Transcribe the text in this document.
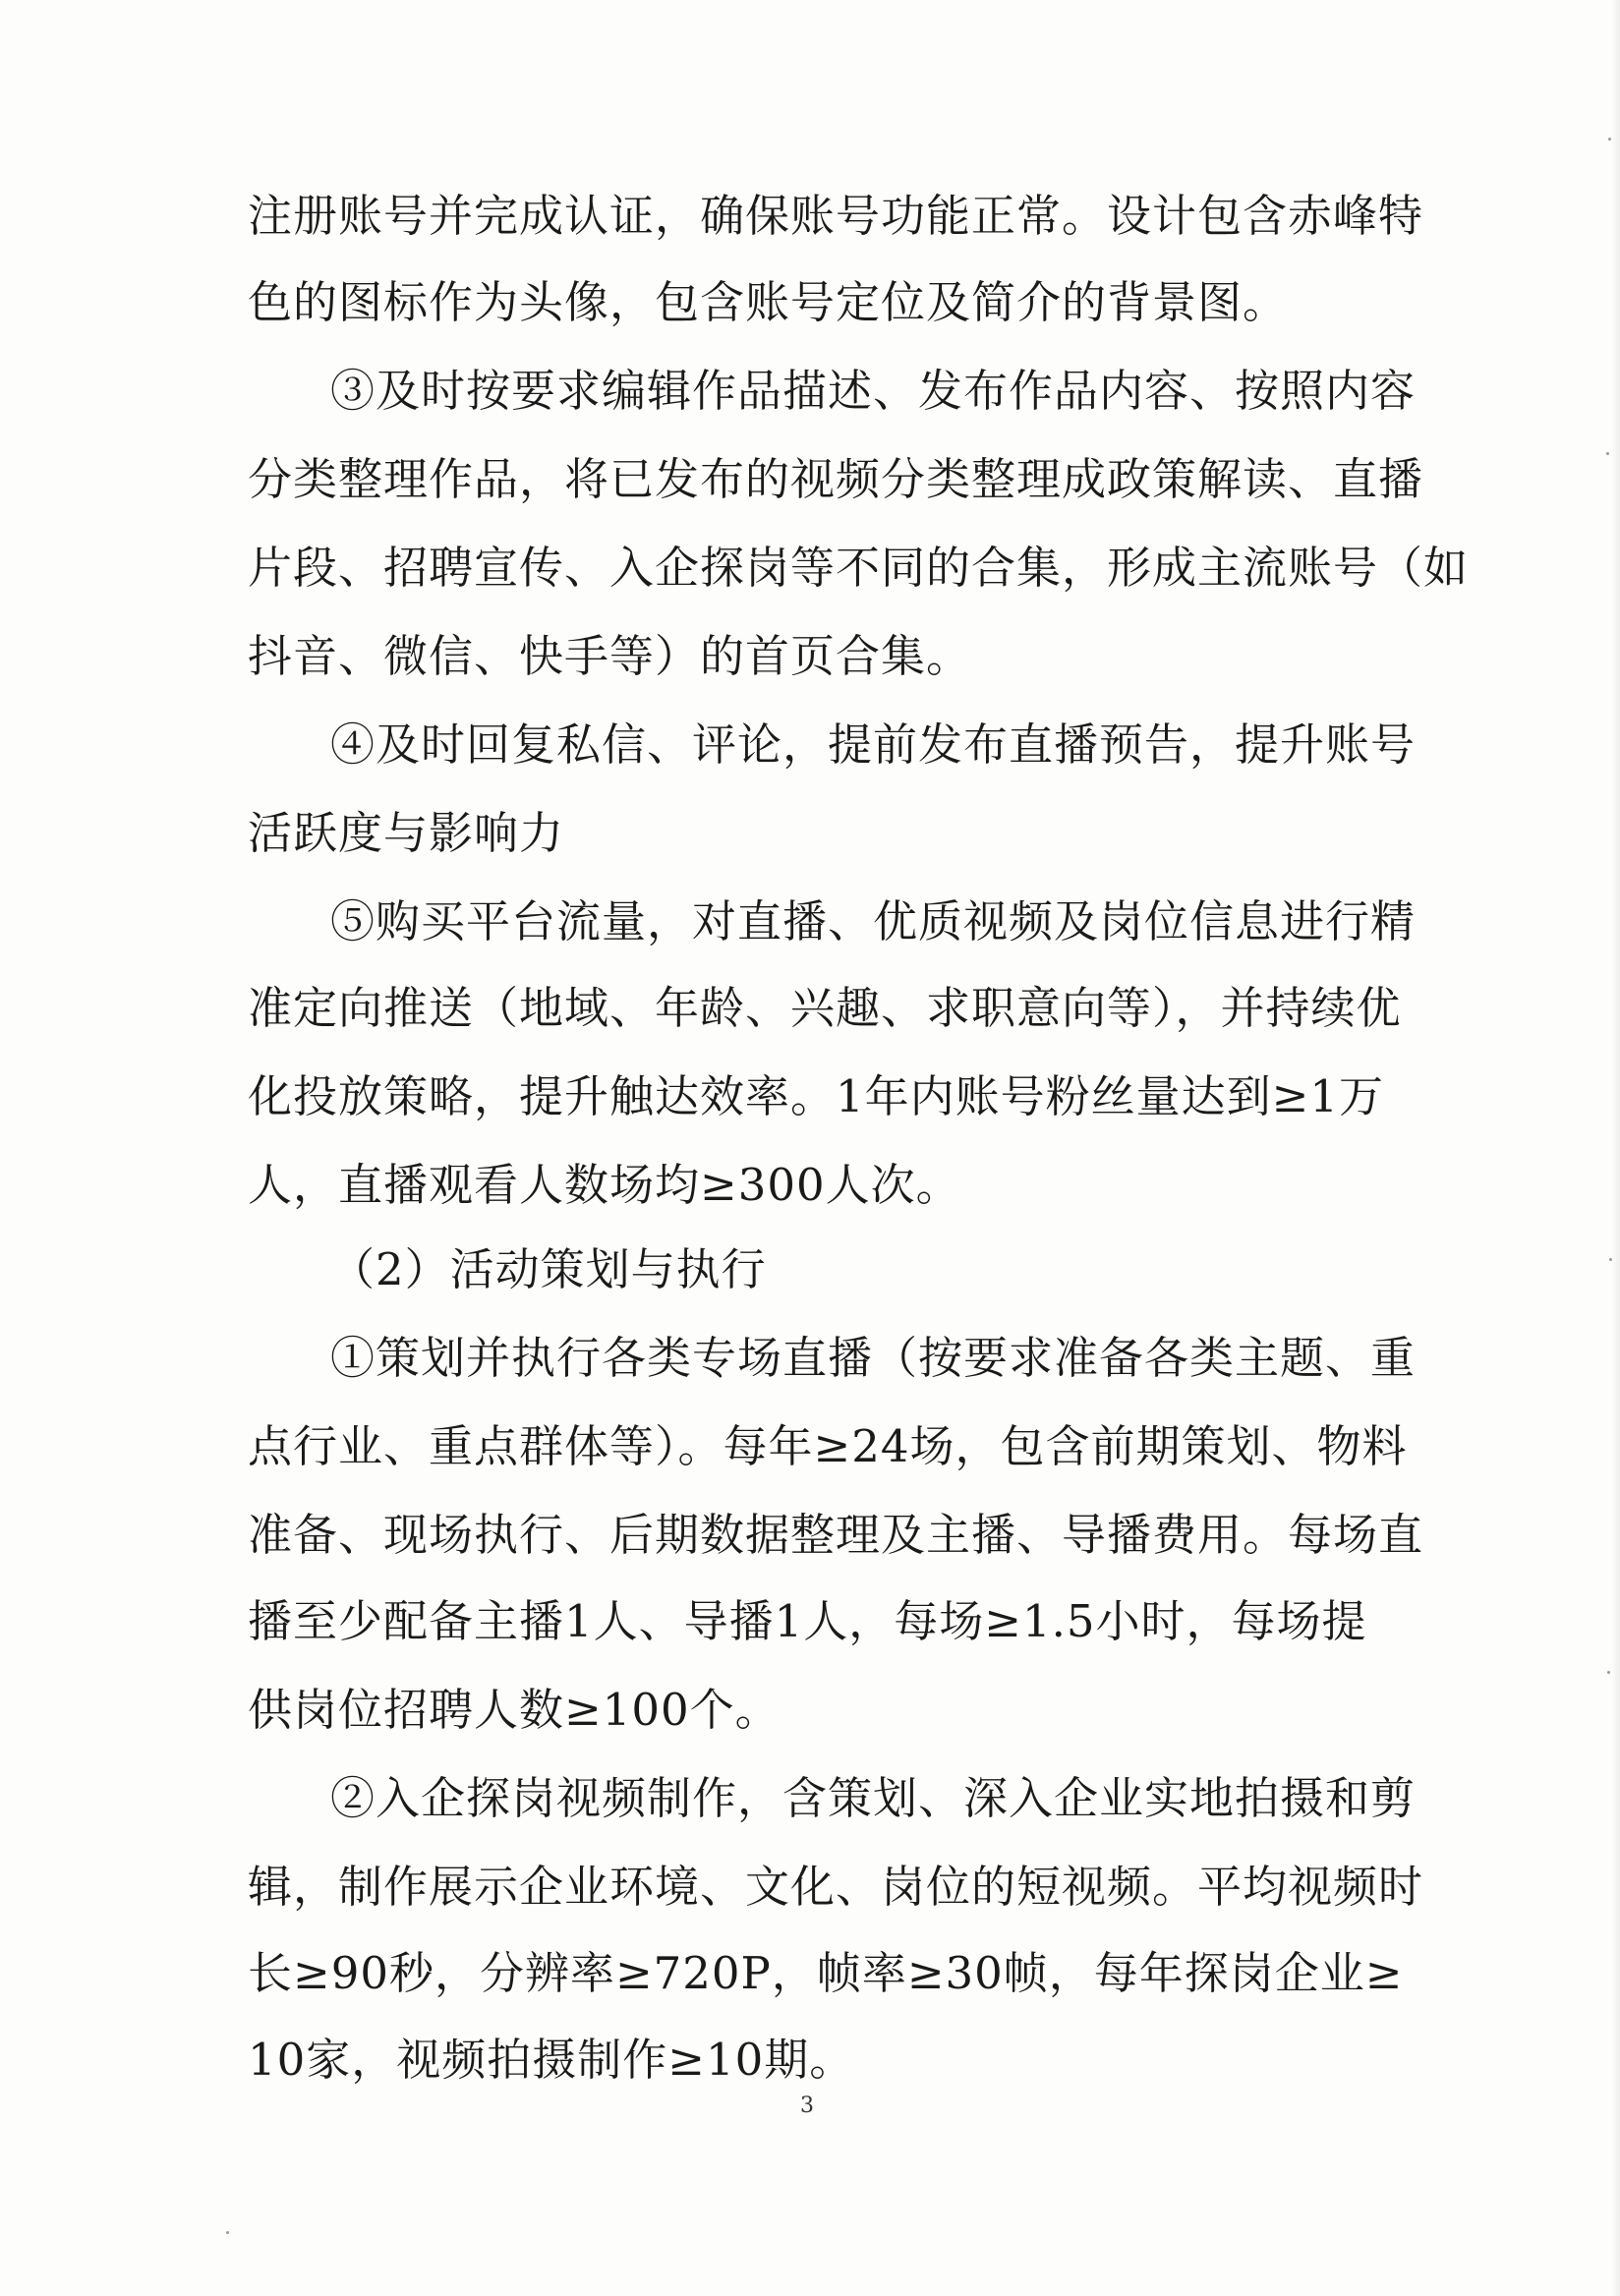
注册账号并完成认证，确保账号功能正常。设计包含赤峰特
色的图标作为头像，包含账号定位及简介的背景图。
③及时按要求编辑作品描述、发布作品内容、按照内容
分类整理作品，将已发布的视频分类整理成政策解读、直播
片段、招聘宣传、入企探岗等不同的合集，形成主流账号（如
抖音、微信、快手等）的首页合集。
④及时回复私信、评论，提前发布直播预告，提升账号
活跃度与影响力
⑤购买平台流量，对直播、优质视频及岗位信息进行精
准定向推送（地域、年龄、兴趣、求职意向等），并持续优
化投放策略，提升触达效率。1年内账号粉丝量达到≥1万
人，直播观看人数场均≥300人次。
（2）活动策划与执行
①策划并执行各类专场直播（按要求准备各类主题、重
点行业、重点群体等）。每年≥24场，包含前期策划、物料
准备、现场执行、后期数据整理及主播、导播费用。每场直
播至少配备主播1人、导播1人，每场≥1.5小时，每场提
供岗位招聘人数≥100个。
②入企探岗视频制作，含策划、深入企业实地拍摄和剪
辑，制作展示企业环境、文化、岗位的短视频。平均视频时
长≥90秒，分辨率≥720P，帧率≥30帧，每年探岗企业≥
10家，视频拍摄制作≥10期。
3
